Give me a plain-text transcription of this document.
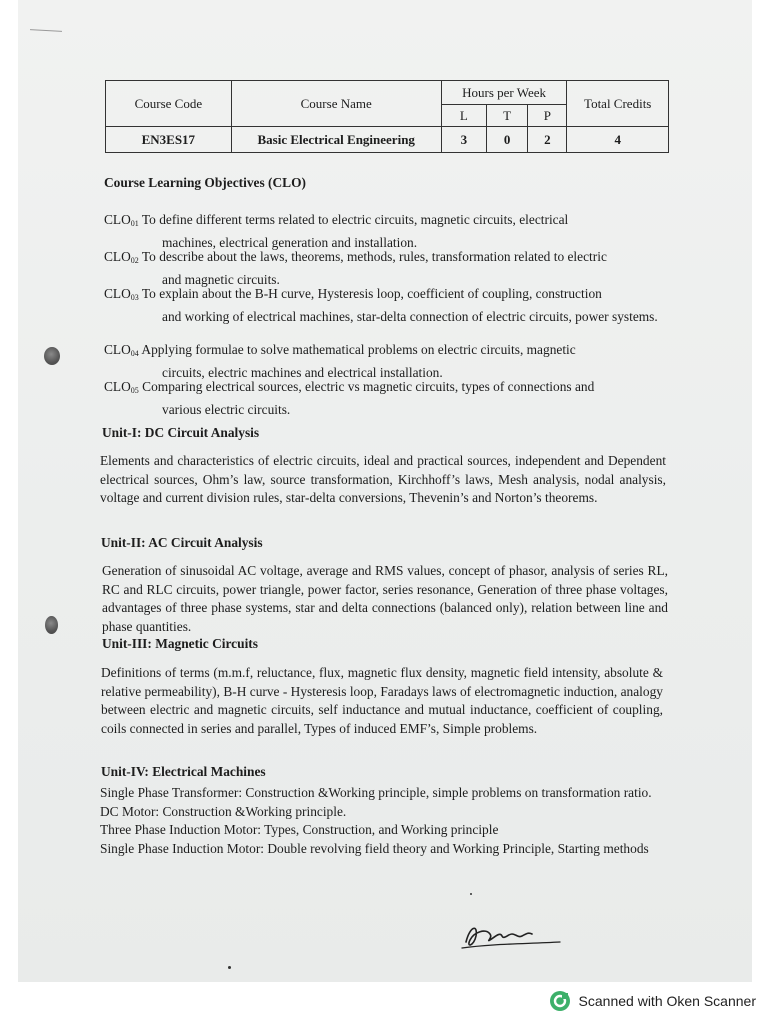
Course Code	Course Name	Hours per Week			Total Credits
		L	T	P	
EN3ES17	Basic Electrical Engineering	3	0	2	4
Course Learning Objectives (CLO)
$CLO_{01}$ To define different terms related to electric circuits, magnetic circuits, electrical
machines, electrical generation and installation.
$CLO_{02}$ To describe about the laws, theorems, methods, rules, transformation related to electric
and magnetic circuits.
$CLO_{03}$ To explain about the B-H curve, Hysteresis loop, coefficient of coupling, construction
and working of electrical machines, star-delta connection of electric circuits, power systems.
$CLO_{04}$ Applying formulae to solve mathematical problems on electric circuits, magnetic
circuits, electric machines and electrical installation.
$CLO_{05}$ Comparing electrical sources, electric vs magnetic circuits, types of connections and
various electric circuits.
Unit-I: DC Circuit Analysis
Elements and characteristics of electric circuits, ideal and practical sources, independent and Dependent electrical sources, Ohm’s law, source transformation, Kirchhoff’s laws, Mesh analysis, nodal analysis, voltage and current division rules, star-delta conversions, Thevenin’s and Norton’s theorems.
Unit-II: AC Circuit Analysis
Generation of sinusoidal AC voltage, average and RMS values, concept of phasor, analysis of series RL, RC and RLC circuits, power triangle, power factor, series resonance, Generation of three phase voltages, advantages of three phase systems, star and delta connections (balanced only), relation between line and phase quantities.
Unit-III: Magnetic Circuits
Definitions of terms (m.m.f, reluctance, flux, magnetic flux density, magnetic field intensity, absolute & relative permeability), B-H curve - Hysteresis loop, Faradays laws of electromagnetic induction, analogy between electric and magnetic circuits, self inductance and mutual inductance, coefficient of coupling, coils connected in series and parallel, Types of induced EMF’s, Simple problems.
Unit-IV: Electrical Machines
Single Phase Transformer: Construction &Working principle, simple problems on transformation ratio.
DC Motor: Construction &Working principle.
Three Phase Induction Motor: Types, Construction, and Working principle
Single Phase Induction Motor: Double revolving field theory and Working Principle, Starting methods
Scanned with Oken Scanner
